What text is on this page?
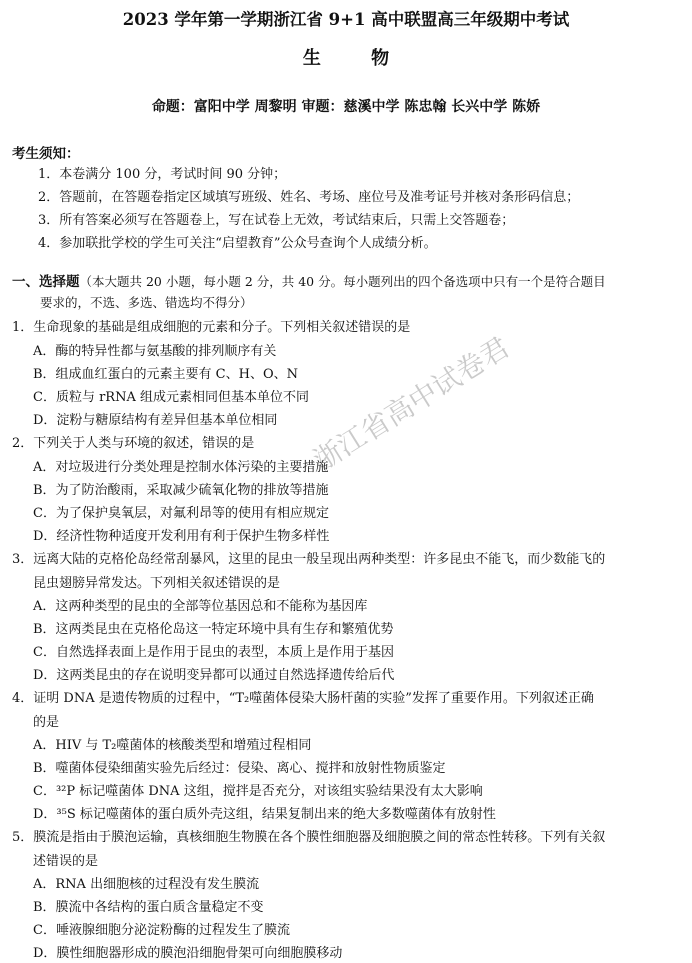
2023 学年第一学期浙江省 9+1 高中联盟高三年级期中考试
生 物
命题：富阳中学 周黎明 审题：慈溪中学 陈忠翰 长兴中学 陈娇
考生须知：
1．本卷满分 100 分，考试时间 90 分钟；
2．答题前，在答题卷指定区域填写班级、姓名、考场、座位号及准考证号并核对条形码信息；
3．所有答案必须写在答题卷上，写在试卷上无效，考试结束后，只需上交答题卷；
4．参加联批学校的学生可关注“启望教育”公众号查询个人成绩分析。
一、选择题（本大题共 20 小题，每小题 2 分，共 40 分。每小题列出的四个备选项中只有一个是符合题目
要求的，不选、多选、错选均不得分）
1．生命现象的基础是组成细胞的元素和分子。下列相关叙述错误的是
A．酶的特异性都与氨基酸的排列顺序有关
B．组成血红蛋白的元素主要有 C、H、O、N
C．质粒与 rRNA 组成元素相同但基本单位不同
D．淀粉与糖原结构有差异但基本单位相同
2．下列关于人类与环境的叙述，错误的是
A．对垃圾进行分类处理是控制水体污染的主要措施
B．为了防治酸雨，采取减少硫氧化物的排放等措施
C．为了保护臭氧层，对氟利昂等的使用有相应规定
D．经济性物种适度开发利用有利于保护生物多样性
3．远离大陆的克格伦岛经常刮暴风，这里的昆虫一般呈现出两种类型：许多昆虫不能飞，而少数能飞的
昆虫翅膀异常发达。下列相关叙述错误的是
A．这两种类型的昆虫的全部等位基因总和不能称为基因库
B．这两类昆虫在克格伦岛这一特定环境中具有生存和繁殖优势
C．自然选择表面上是作用于昆虫的表型，本质上是作用于基因
D．这两类昆虫的存在说明变异都可以通过自然选择遗传给后代
4．证明 DNA 是遗传物质的过程中，“T₂噬菌体侵染大肠杆菌的实验”发挥了重要作用。下列叙述正确
的是
A．HIV 与 T₂噬菌体的核酸类型和增殖过程相同
B．噬菌体侵染细菌实验先后经过：侵染、离心、搅拌和放射性物质鉴定
C．³²P 标记噬菌体 DNA 这组，搅拌是否充分，对该组实验结果没有太大影响
D．³⁵S 标记噬菌体的蛋白质外壳这组，结果复制出来的绝大多数噬菌体有放射性
5．膜流是指由于膜泡运输，真核细胞生物膜在各个膜性细胞器及细胞膜之间的常态性转移。下列有关叙
述错误的是
A．RNA 出细胞核的过程没有发生膜流
B．膜流中各结构的蛋白质含量稳定不变
C．唾液腺细胞分泌淀粉酶的过程发生了膜流
D．膜性细胞器形成的膜泡沿细胞骨架可向细胞膜移动
浙江省高中试卷君
